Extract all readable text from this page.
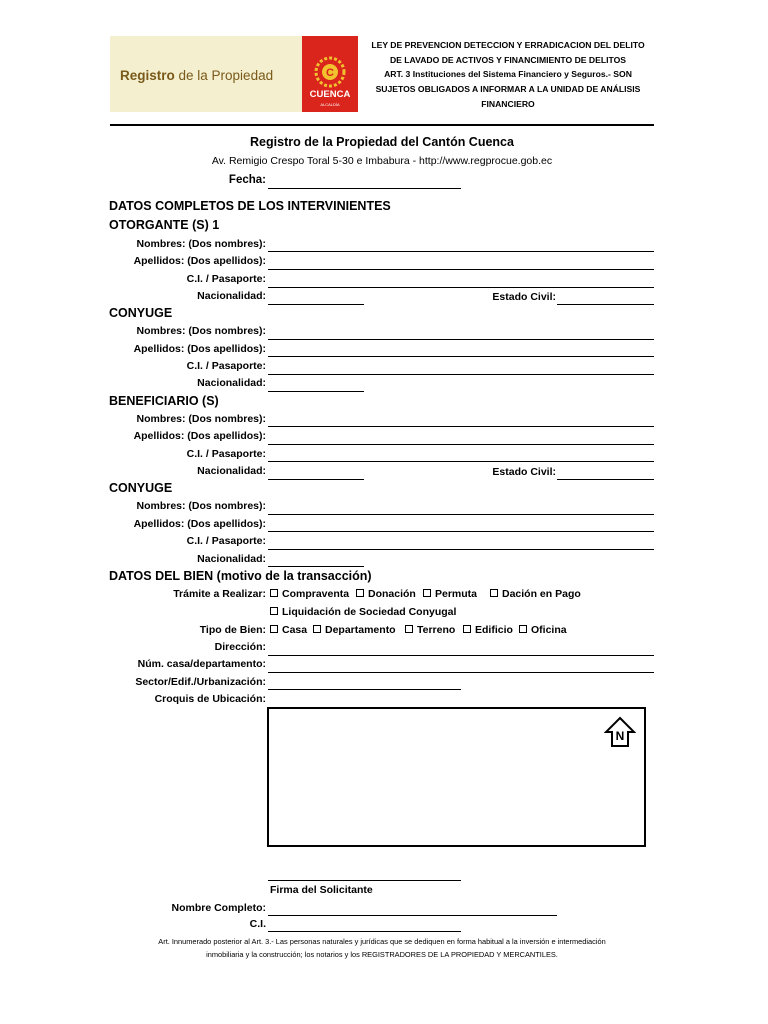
Registro de la Propiedad	C
CUENCA
ALCALDÍA
LEY DE PREVENCION DETECCION Y ERRADICACION DEL DELITO
DE LAVADO DE ACTIVOS Y FINANCIMIENTO DE DELITOS
ART. 3 Instituciones del Sistema Financiero y Seguros.- SON
SUJETOS OBLIGADOS A INFORMAR A LA UNIDAD DE ANÁLISIS
FINANCIERO
Registro de la Propiedad del Cantón Cuenca
Av. Remigio Crespo Toral 5-30 e Imbabura - http://www.regprocue.gob.ec
Fecha:
DATOS COMPLETOS DE LOS INTERVINIENTES
OTORGANTE (S) 1
Nombres: (Dos nombres):
Apellidos: (Dos apellidos):
C.I. / Pasaporte:
Nacionalidad:	Estado Civil:
CONYUGE
Nombres: (Dos nombres):
Apellidos: (Dos apellidos):
C.I. / Pasaporte:
Nacionalidad:
BENEFICIARIO (S)
Nombres: (Dos nombres):
Apellidos: (Dos apellidos):
C.I. / Pasaporte:
Nacionalidad:	Estado Civil:
CONYUGE
Nombres: (Dos nombres):
Apellidos: (Dos apellidos):
C.I. / Pasaporte:
Nacionalidad:
DATOS DEL BIEN (motivo de la transacción)
Trámite a Realizar:	Compraventa	Donación	Permuta	Dación en Pago
Liquidación de Sociedad Conyugal
Tipo de Bien:	Casa	Departamento	Terreno	Edificio	Oficina
Dirección:
Núm. casa/departamento:
Sector/Edif./Urbanización:
Croquis de Ubicación:
N
Firma del Solicitante
Nombre Completo:
C.I.
Art. Innumerado posterior al Art. 3.- Las personas naturales y jurídicas que se dediquen en forma habitual a la inversión e intermediación
inmobiliaria y la construcción; los notarios y los REGISTRADORES DE LA PROPIEDAD Y MERCANTILES.
